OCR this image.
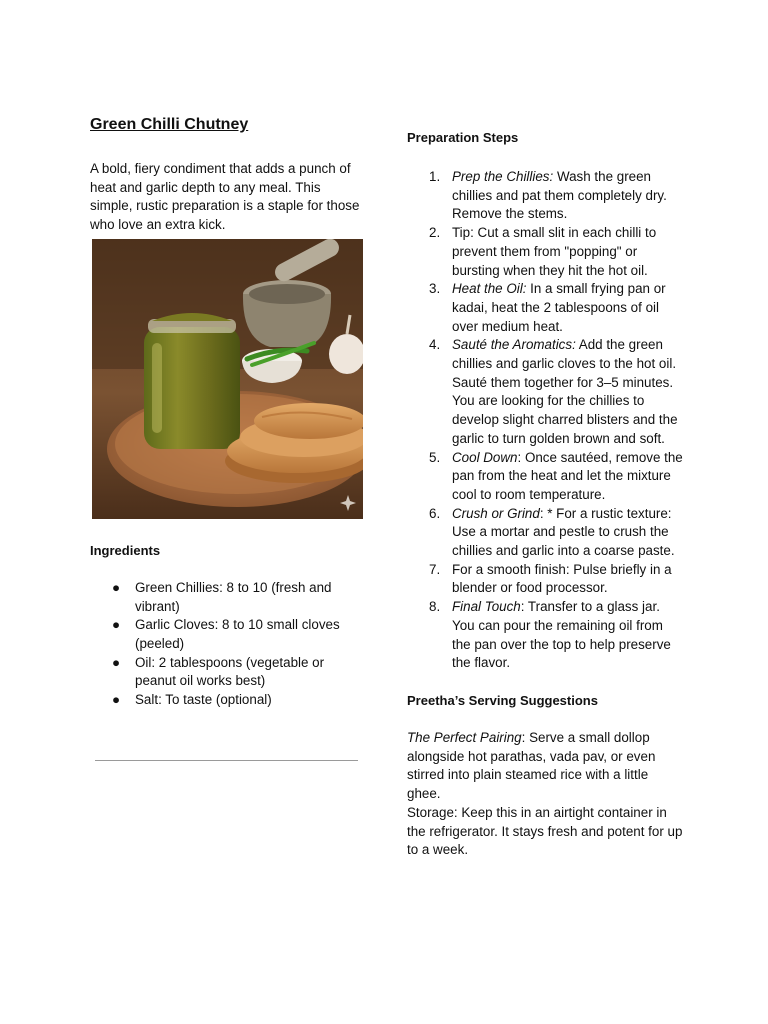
Green Chilli Chutney

A bold, fiery condiment that adds a punch of heat and garlic depth to any meal. This simple, rustic preparation is a staple for those who love an extra kick.

Ingredients
● Green Chillies: 8 to 10 (fresh and vibrant)
● Garlic Cloves: 8 to 10 small cloves (peeled)
● Oil: 2 tablespoons (vegetable or peanut oil works best)
● Salt: To taste (optional)
Preparation Steps
1. Prep the Chillies: Wash the green chillies and pat them completely dry. Remove the stems.
2. Tip: Cut a small slit in each chilli to prevent them from "popping" or bursting when they hit the hot oil.
3. Heat the Oil: In a small frying pan or kadai, heat the 2 tablespoons of oil over medium heat.
4. Sauté the Aromatics: Add the green chillies and garlic cloves to the hot oil. Sauté them together for 3–5 minutes. You are looking for the chillies to develop slight charred blisters and the garlic to turn golden brown and soft.
5. Cool Down: Once sautéed, remove the pan from the heat and let the mixture cool to room temperature.
6. Crush or Grind: * For a rustic texture: Use a mortar and pestle to crush the chillies and garlic into a coarse paste.
7. For a smooth finish: Pulse briefly in a blender or food processor.
8. Final Touch: Transfer to a glass jar. You can pour the remaining oil from the pan over the top to help preserve the flavor.
Preetha’s Serving Suggestions

The Perfect Pairing: Serve a small dollop alongside hot parathas, vada pav, or even stirred into plain steamed rice with a little ghee.

Storage: Keep this in an airtight container in the refrigerator. It stays fresh and potent for up to a week.
